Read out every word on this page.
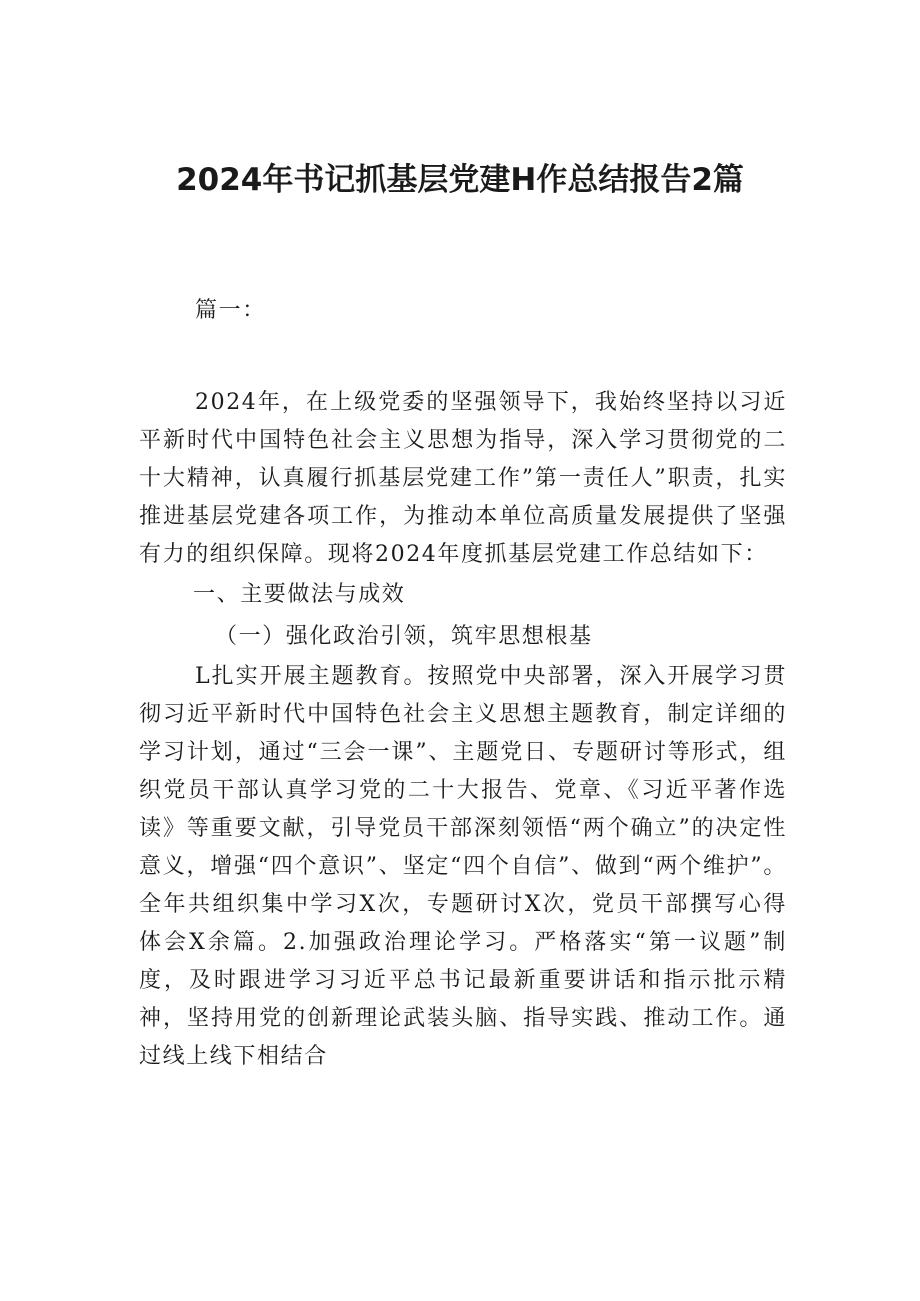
2024年书记抓基层党建H作总结报告2篇

篇一：

2024年，在上级党委的坚强领导下，我始终坚持以习近平新时代中国特色社会主义思想为指导，深入学习贯彻党的二十大精神，认真履行抓基层党建工作”第一责任人”职责，扎实推进基层党建各项工作，为推动本单位高质量发展提供了坚强有力的组织保障。现将2024年度抓基层党建工作总结如下：

一、主要做法与成效

（一）强化政治引领，筑牢思想根基

L扎实开展主题教育。按照党中央部署，深入开展学习贯彻习近平新时代中国特色社会主义思想主题教育，制定详细的学习计划，通过“三会一课”、主题党日、专题研讨等形式，组织党员干部认真学习党的二十大报告、党章、《习近平著作选读》等重要文献，引导党员干部深刻领悟“两个确立”的决定性意义，增强“四个意识”、坚定“四个自信”、做到“两个维护”。全年共组织集中学习X次，专题研讨X次，党员干部撰写心得体会X余篇。2.加强政治理论学习。严格落实“第一议题”制度，及时跟进学习习近平总书记最新重要讲话和指示批示精神，坚持用党的创新理论武装头脑、指导实践、推动工作。通过线上线下相结合
